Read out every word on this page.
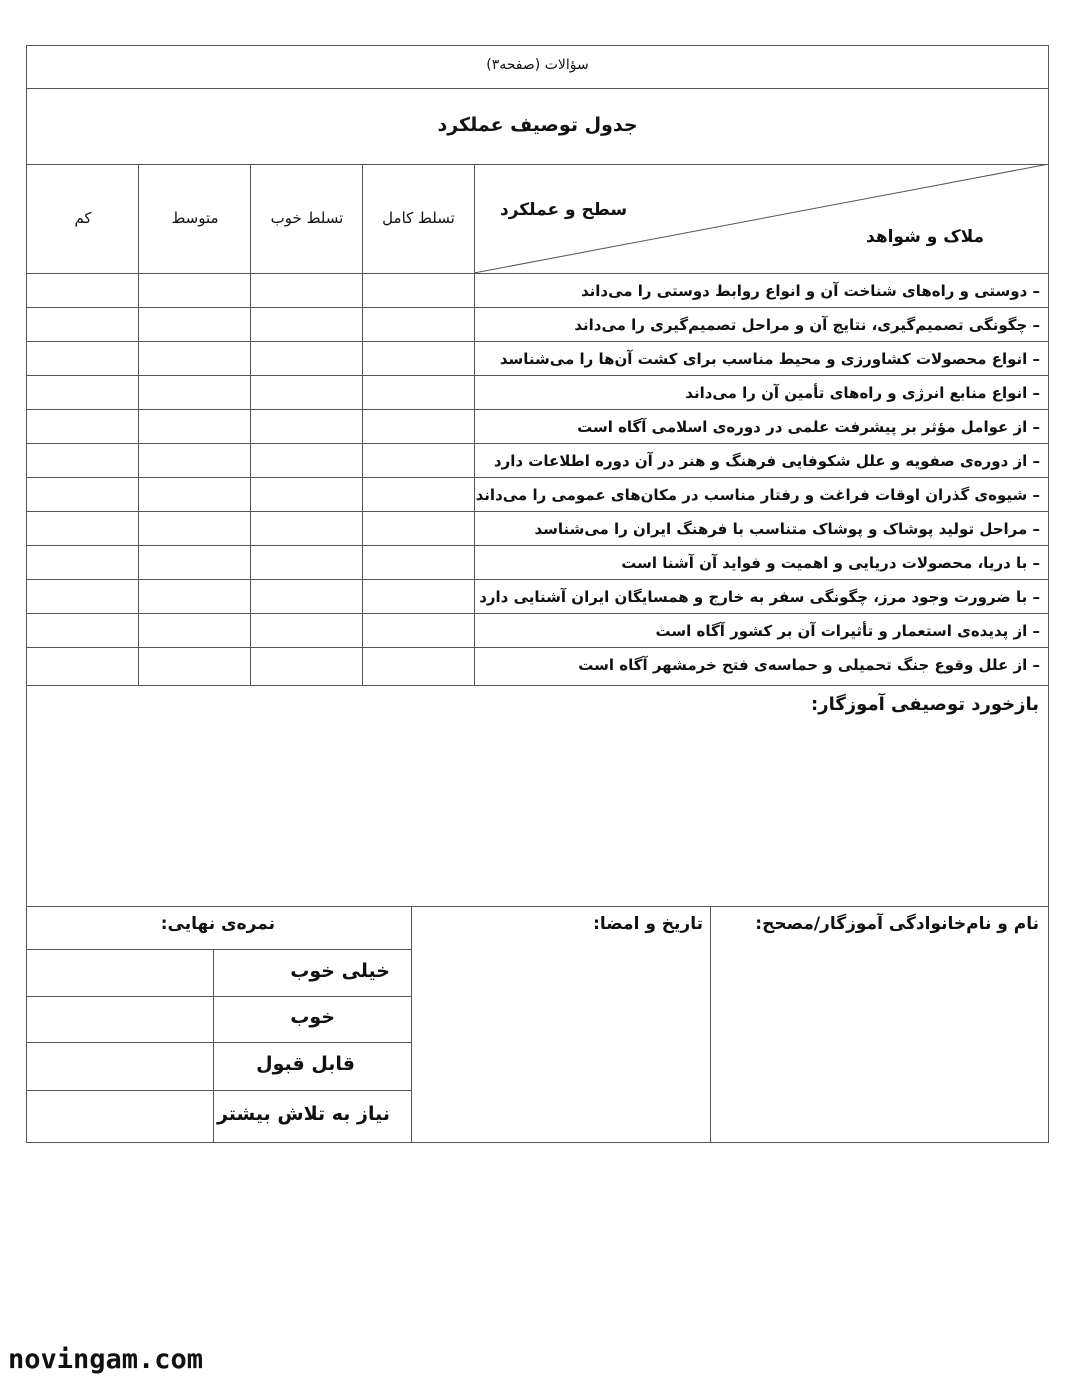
سؤالات (صفحه۳)
جدول توصیف عملکرد
سطح و عملکرد
ملاک و شواهد
تسلط کامل
تسلط خوب
متوسط
کم
– دوستی و راه‌های شناخت آن و انواع روابط دوستی را می‌داند
– چگونگی تصمیم‌گیری، نتایج آن و مراحل تصمیم‌گیری را می‌داند
– انواع محصولات کشاورزی و محیط مناسب برای کشت آن‌ها را می‌شناسد
– انواع منابع انرژی و راه‌های تأمین آن را می‌داند
– از عوامل مؤثر بر پیشرفت علمی در دوره‌ی اسلامی آگاه است
– از دوره‌ی صفویه و علل شکوفایی فرهنگ و هنر در آن دوره اطلاعات دارد
– شیوه‌ی گذران اوقات فراغت و رفتار مناسب در مکان‌های عمومی را می‌داند
– مراحل تولید پوشاک و پوشاک متناسب با فرهنگ ایران را می‌شناسد
– با دریا، محصولات دریایی و اهمیت و فواید آن آشنا است
– با ضرورت وجود مرز، چگونگی سفر به خارج و همسایگان ایران آشنایی دارد
– از پدیده‌ی استعمار و تأثیرات آن بر کشور آگاه است
– از علل وقوع جنگ تحمیلی و حماسه‌ی فتح خرمشهر آگاه است
بازخورد توصیفی آموزگار:
نام و نام‌خانوادگی آموزگار/مصحح:
تاریخ و امضا:
نمره‌ی نهایی:
خیلی خوب
خوب
قابل قبول
نیاز به تلاش بیشتر
novingam.com
